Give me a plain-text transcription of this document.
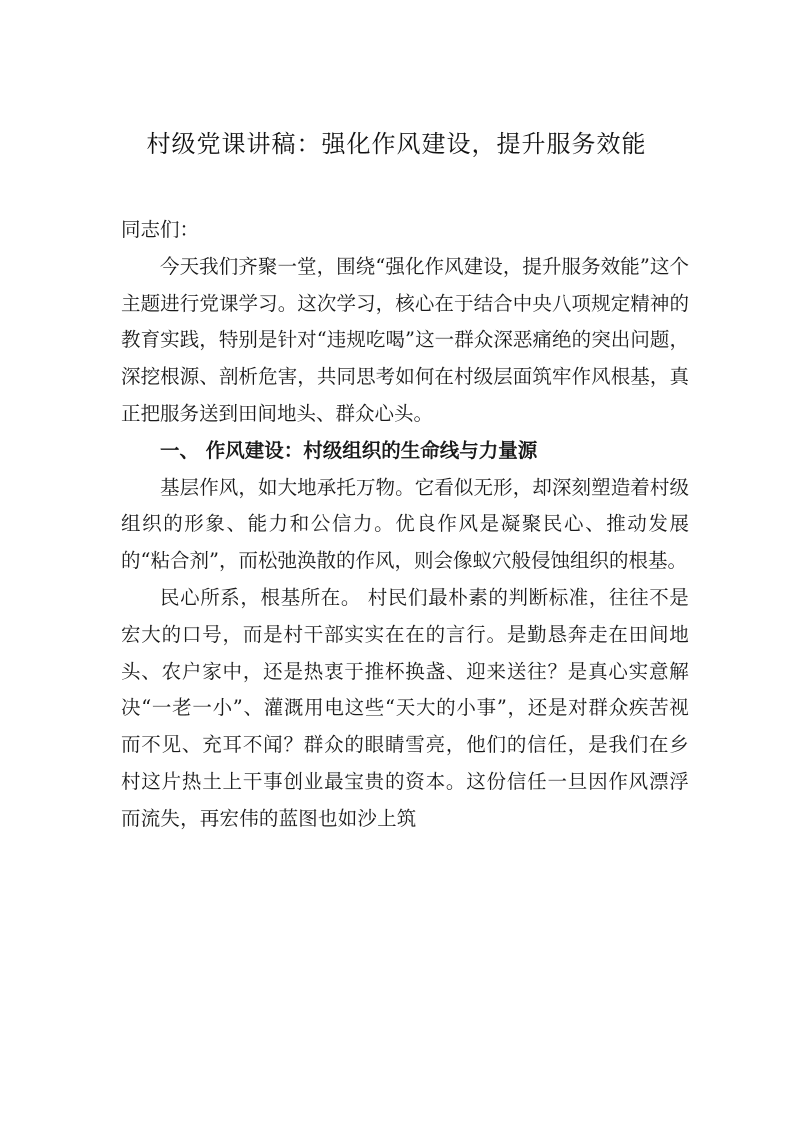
村级党课讲稿：强化作风建设，提升服务效能

同志们：

今天我们齐聚一堂，围绕“强化作风建设，提升服务效能”这个主题进行党课学习。这次学习，核心在于结合中央八项规定精神的教育实践，特别是针对“违规吃喝”这一群众深恶痛绝的突出问题，深挖根源、剖析危害，共同思考如何在村级层面筑牢作风根基，真正把服务送到田间地头、群众心头。

一、 作风建设：村级组织的生命线与力量源

基层作风，如大地承托万物。它看似无形，却深刻塑造着村级组织的形象、能力和公信力。优良作风是凝聚民心、推动发展的“粘合剂”，而松弛涣散的作风，则会像蚁穴般侵蚀组织的根基。

民心所系，根基所在。 村民们最朴素的判断标准，往往不是宏大的口号，而是村干部实实在在的言行。是勤恳奔走在田间地头、农户家中，还是热衷于推杯换盏、迎来送往？是真心实意解决“一老一小”、灌溉用电这些“天大的小事”，还是对群众疾苦视而不见、充耳不闻？群众的眼睛雪亮，他们的信任，是我们在乡村这片热土上干事创业最宝贵的资本。这份信任一旦因作风漂浮而流失，再宏伟的蓝图也如沙上筑
